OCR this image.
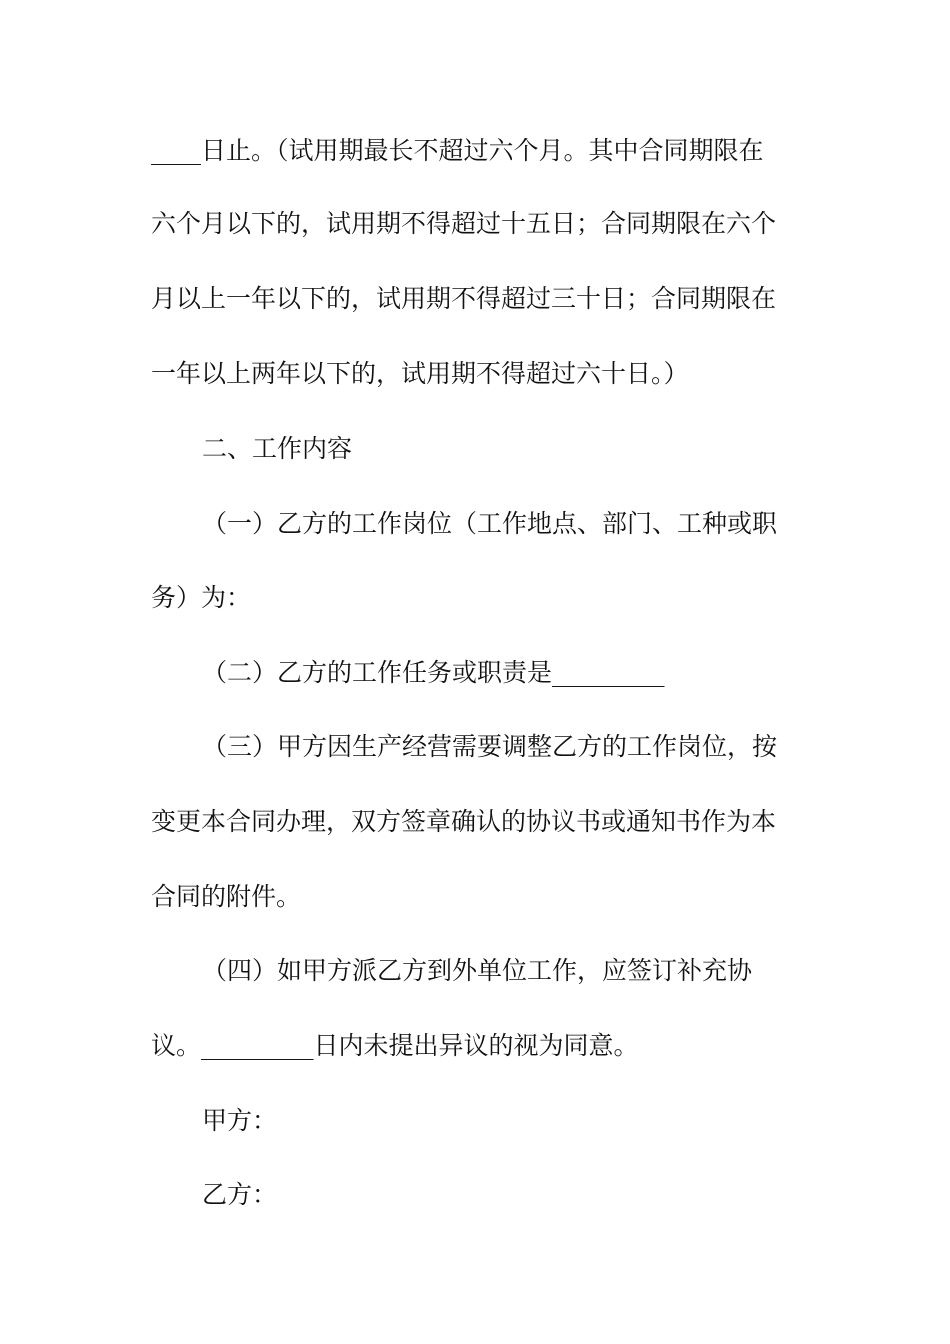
____日止。（试用期最长不超过六个月。其中合同期限在
六个月以下的，试用期不得超过十五日；合同期限在六个
月以上一年以下的，试用期不得超过三十日；合同期限在
一年以上两年以下的，试用期不得超过六十日。）
二、工作内容
（一）乙方的工作岗位（工作地点、部门、工种或职
务）为：
（二）乙方的工作任务或职责是_________
（三）甲方因生产经营需要调整乙方的工作岗位，按
变更本合同办理，双方签章确认的协议书或通知书作为本
合同的附件。
（四）如甲方派乙方到外单位工作，应签订补充协
议。_________日内未提出异议的视为同意。
甲方：
乙方：
